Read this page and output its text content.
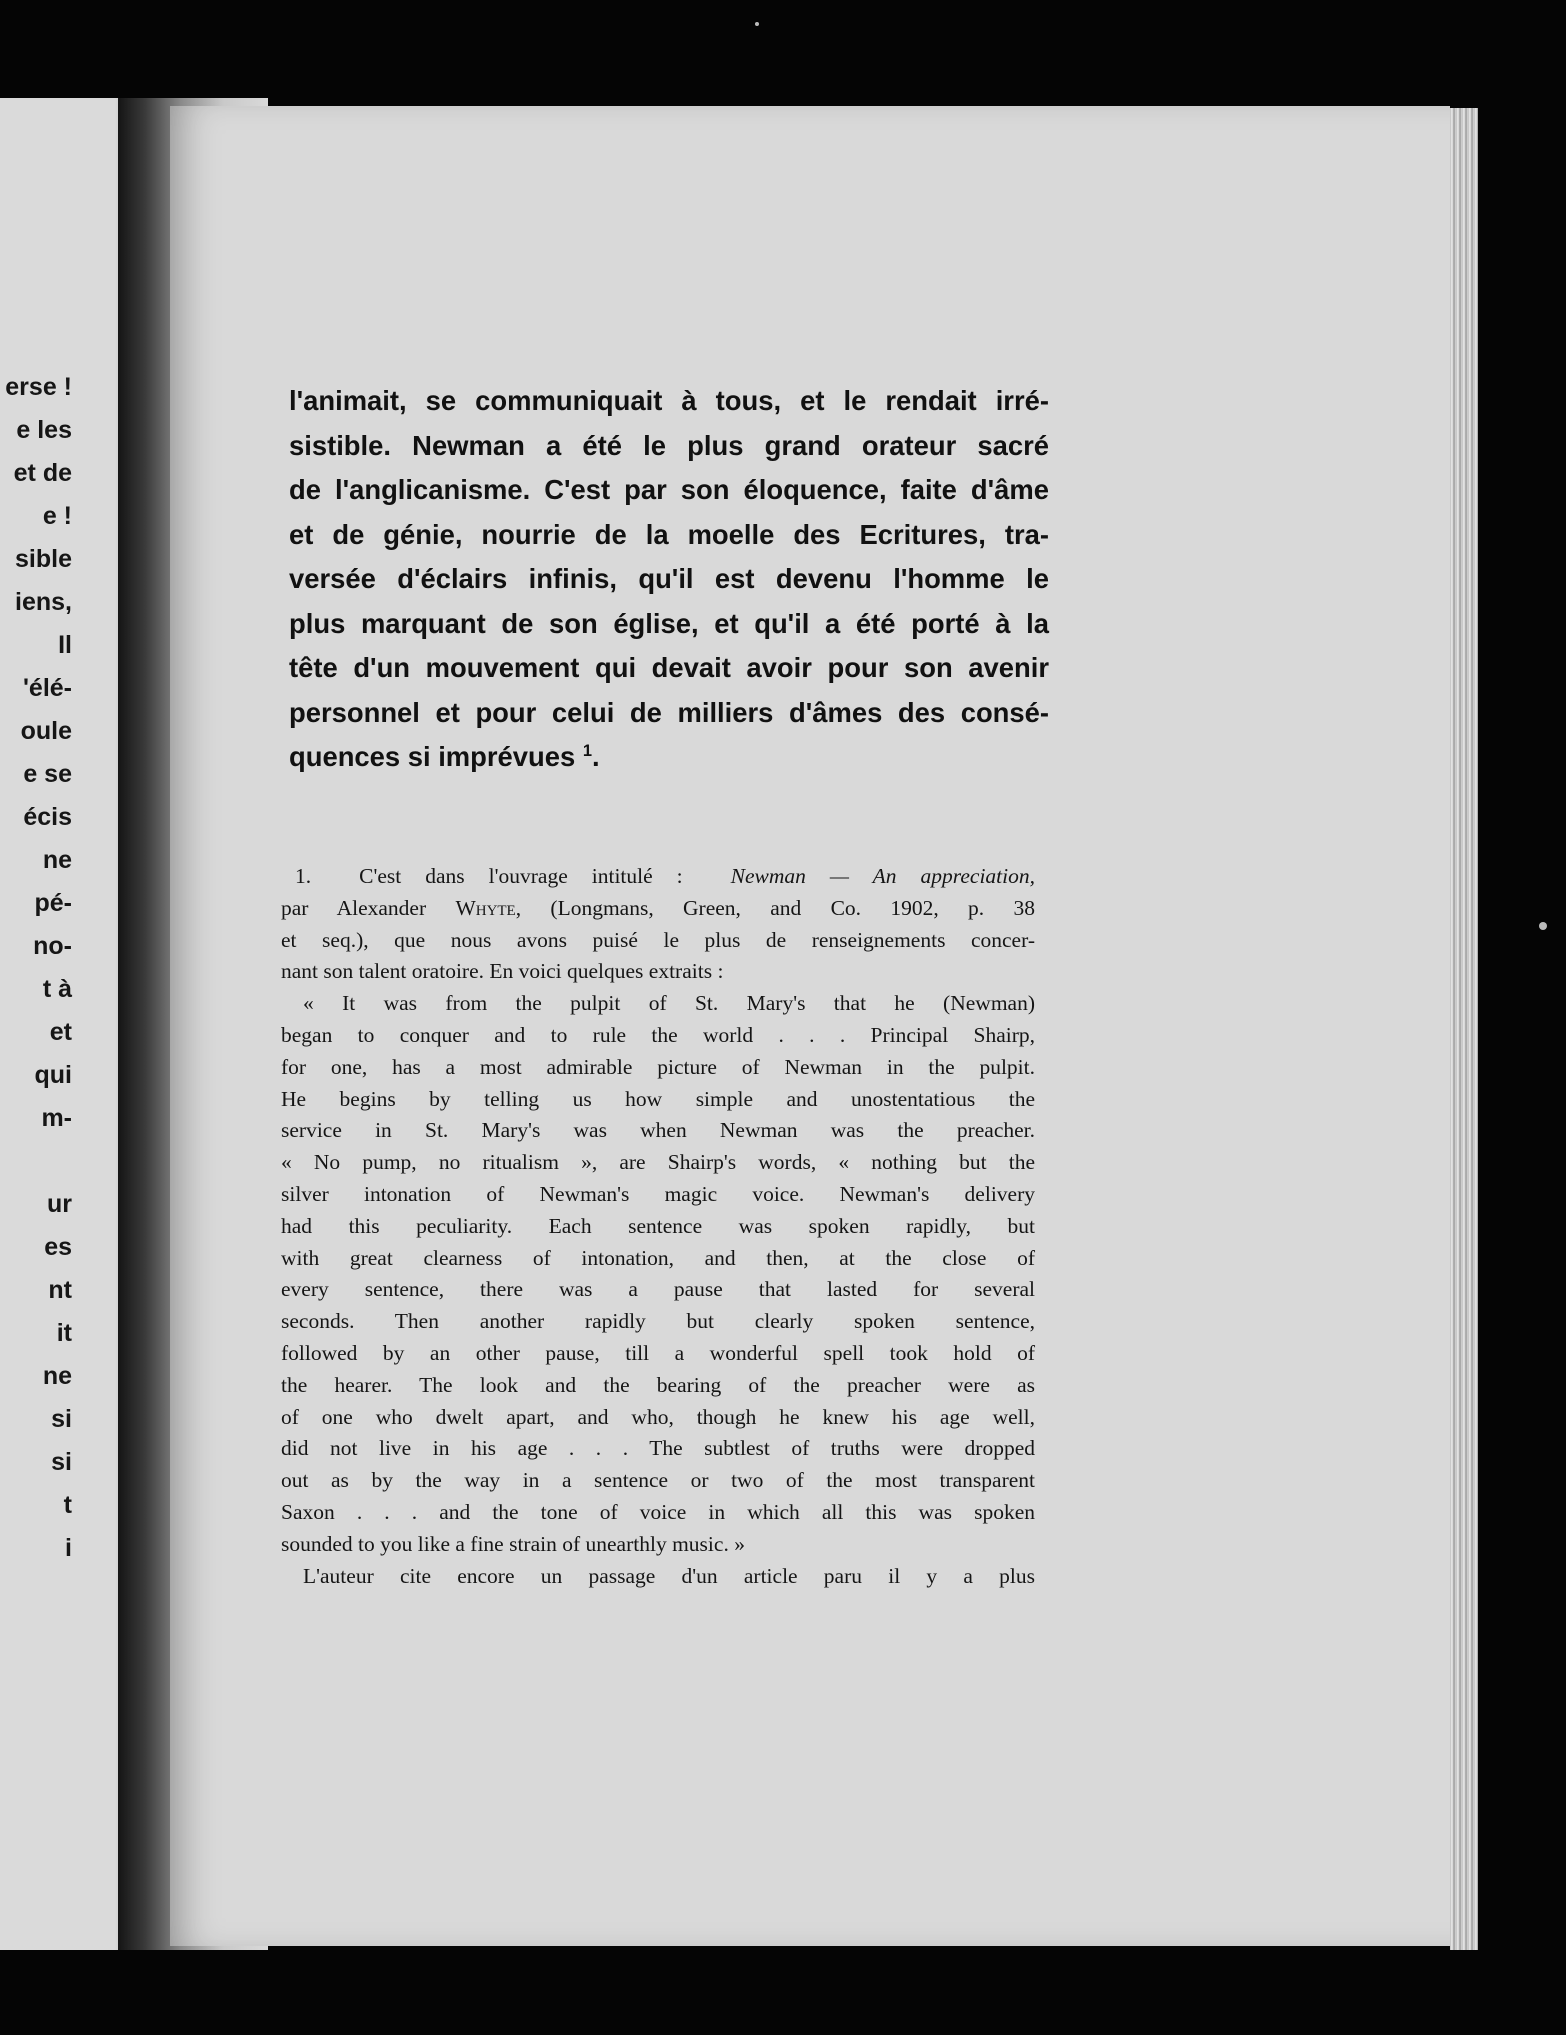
erse !
e les
et de
e !
sible
iens,
Il
'élé-
oule
e se
écis
ne
pé-
no-
t à
et
qui
m-
ur
es
nt
it
ne
si
si
t
i
l'animait, se communiquait à tous, et le rendait irré-
sistible. Newman a été le plus grand orateur sacré
de l'anglicanisme. C'est par son éloquence, faite d'âme
et de génie, nourrie de la moelle des Ecritures, tra-
versée d'éclairs infinis, qu'il est devenu l'homme le
plus marquant de son église, et qu'il a été porté à la
tête d'un mouvement qui devait avoir pour son avenir
personnel et pour celui de milliers d'âmes des consé-
quences si imprévues $^1$.
1. C'est dans l'ouvrage intitulé : Newman — An appreciation,
par Alexander Whyte, (Longmans, Green, and Co. 1902, p. 38
et seq.), que nous avons puisé le plus de renseignements concer-
nant son talent oratoire. En voici quelques extraits :
« It was from the pulpit of St. Mary's that he (Newman)
began to conquer and to rule the world . . . Principal Shairp,
for one, has a most admirable picture of Newman in the pulpit.
He begins by telling us how simple and unostentatious the
service in St. Mary's was when Newman was the preacher.
« No pump, no ritualism », are Shairp's words, « nothing but the
silver intonation of Newman's magic voice. Newman's delivery
had this peculiarity. Each sentence was spoken rapidly, but
with great clearness of intonation, and then, at the close of
every sentence, there was a pause that lasted for several
seconds. Then another rapidly but clearly spoken sentence,
followed by an other pause, till a wonderful spell took hold of
the hearer. The look and the bearing of the preacher were as
of one who dwelt apart, and who, though he knew his age well,
did not live in his age . . . The subtlest of truths were dropped
out as by the way in a sentence or two of the most transparent
Saxon . . . and the tone of voice in which all this was spoken
sounded to you like a fine strain of unearthly music. »
L'auteur cite encore un passage d'un article paru il y a plus
